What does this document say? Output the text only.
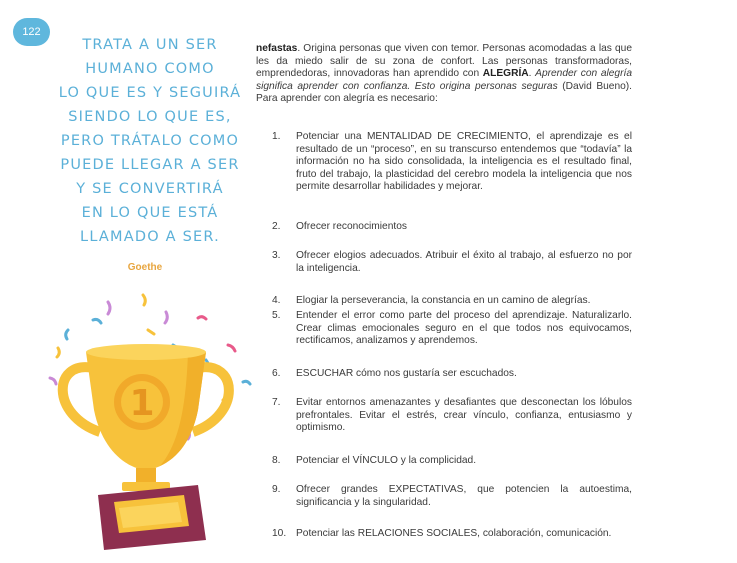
122
TRATA A UN SER
HUMANO COMO
LO QUE ES Y SEGUIRÁ
SIENDO LO QUE ES,
PERO TRÁTALO COMO
PUEDE LLEGAR A SER
Y SE CONVERTIRÁ
EN LO QUE ESTÁ
LLAMADO A SER.
Goethe
1

nefastas. Origina personas que viven con temor. Personas acomodadas a las que les da miedo salir de su zona de confort. Las personas transformadoras, emprendedoras, innovadoras han aprendido con ALEGRÍA. Aprender con alegría significa aprender con confianza. Esto origina personas seguras (David Bueno). Para aprender con alegría es necesario:

1. Potenciar una MENTALIDAD DE CRECIMIENTO, el aprendizaje es el resultado de un “proceso”, en su transcurso entendemos que “todavía” la información no ha sido consolidada, la inteligencia es el resultado final, fruto del trabajo, la plasticidad del cerebro modela la inteligencia que nos permite desarrollar habilidades y mejorar.
2. Ofrecer reconocimientos
3. Ofrecer elogios adecuados. Atribuir el éxito al trabajo, al esfuerzo no por la inteligencia.
4. Elogiar la perseverancia, la constancia en un camino de alegrías.
5. Entender el error como parte del proceso del aprendizaje. Naturalizarlo. Crear climas emocionales seguro en el que todos nos equivocamos, rectificamos, analizamos y aprendemos.
6. ESCUCHAR cómo nos gustaría ser escuchados.
7. Evitar entornos amenazantes y desafiantes que desconectan los lóbulos prefrontales. Evitar el estrés, crear vínculo, confianza, entusiasmo y optimismo.
8. Potenciar el VÍNCULO y la complicidad.
9. Ofrecer grandes EXPECTATIVAS, que potencien la autoestima, significancia y la singularidad.
10. Potenciar las RELACIONES SOCIALES, colaboración, comunicación.
